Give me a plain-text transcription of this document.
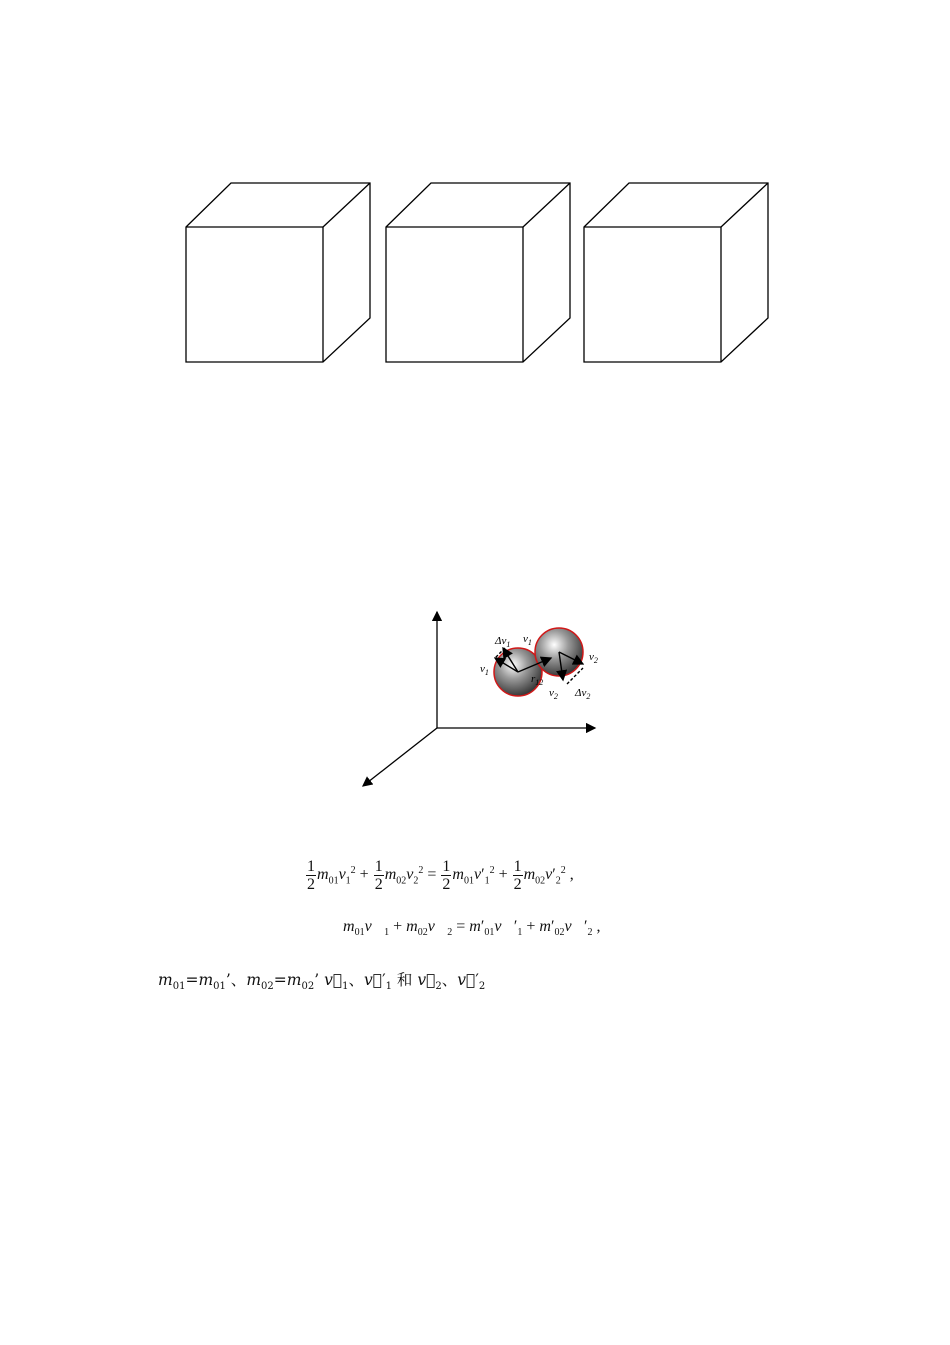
$\Delta v_1$ $v_1$
$v_1$
$r_{12}$
$v_2$
$v_2$ $\Delta v_2$
$\frac{1}{2} m_{01}v_1^2 + \frac{1}{2} m_{02}v_2^2 = \frac{1}{2} m_{01}v'_1^2 + \frac{1}{2} m_{02}v'_2^2$ ,
$m_{01}v⃗_1$ + $m_{02}v⃗_2$ = $m'_{01}v⃗'_1$ + $m'_{02}v⃗'_2$ ,
$m_{01}=m_{01}$’、$m_{02}=m_{02}$’ $v⃗_1$、$v⃗'_1$ 和 $v⃗_2$、$v⃗'_2$
